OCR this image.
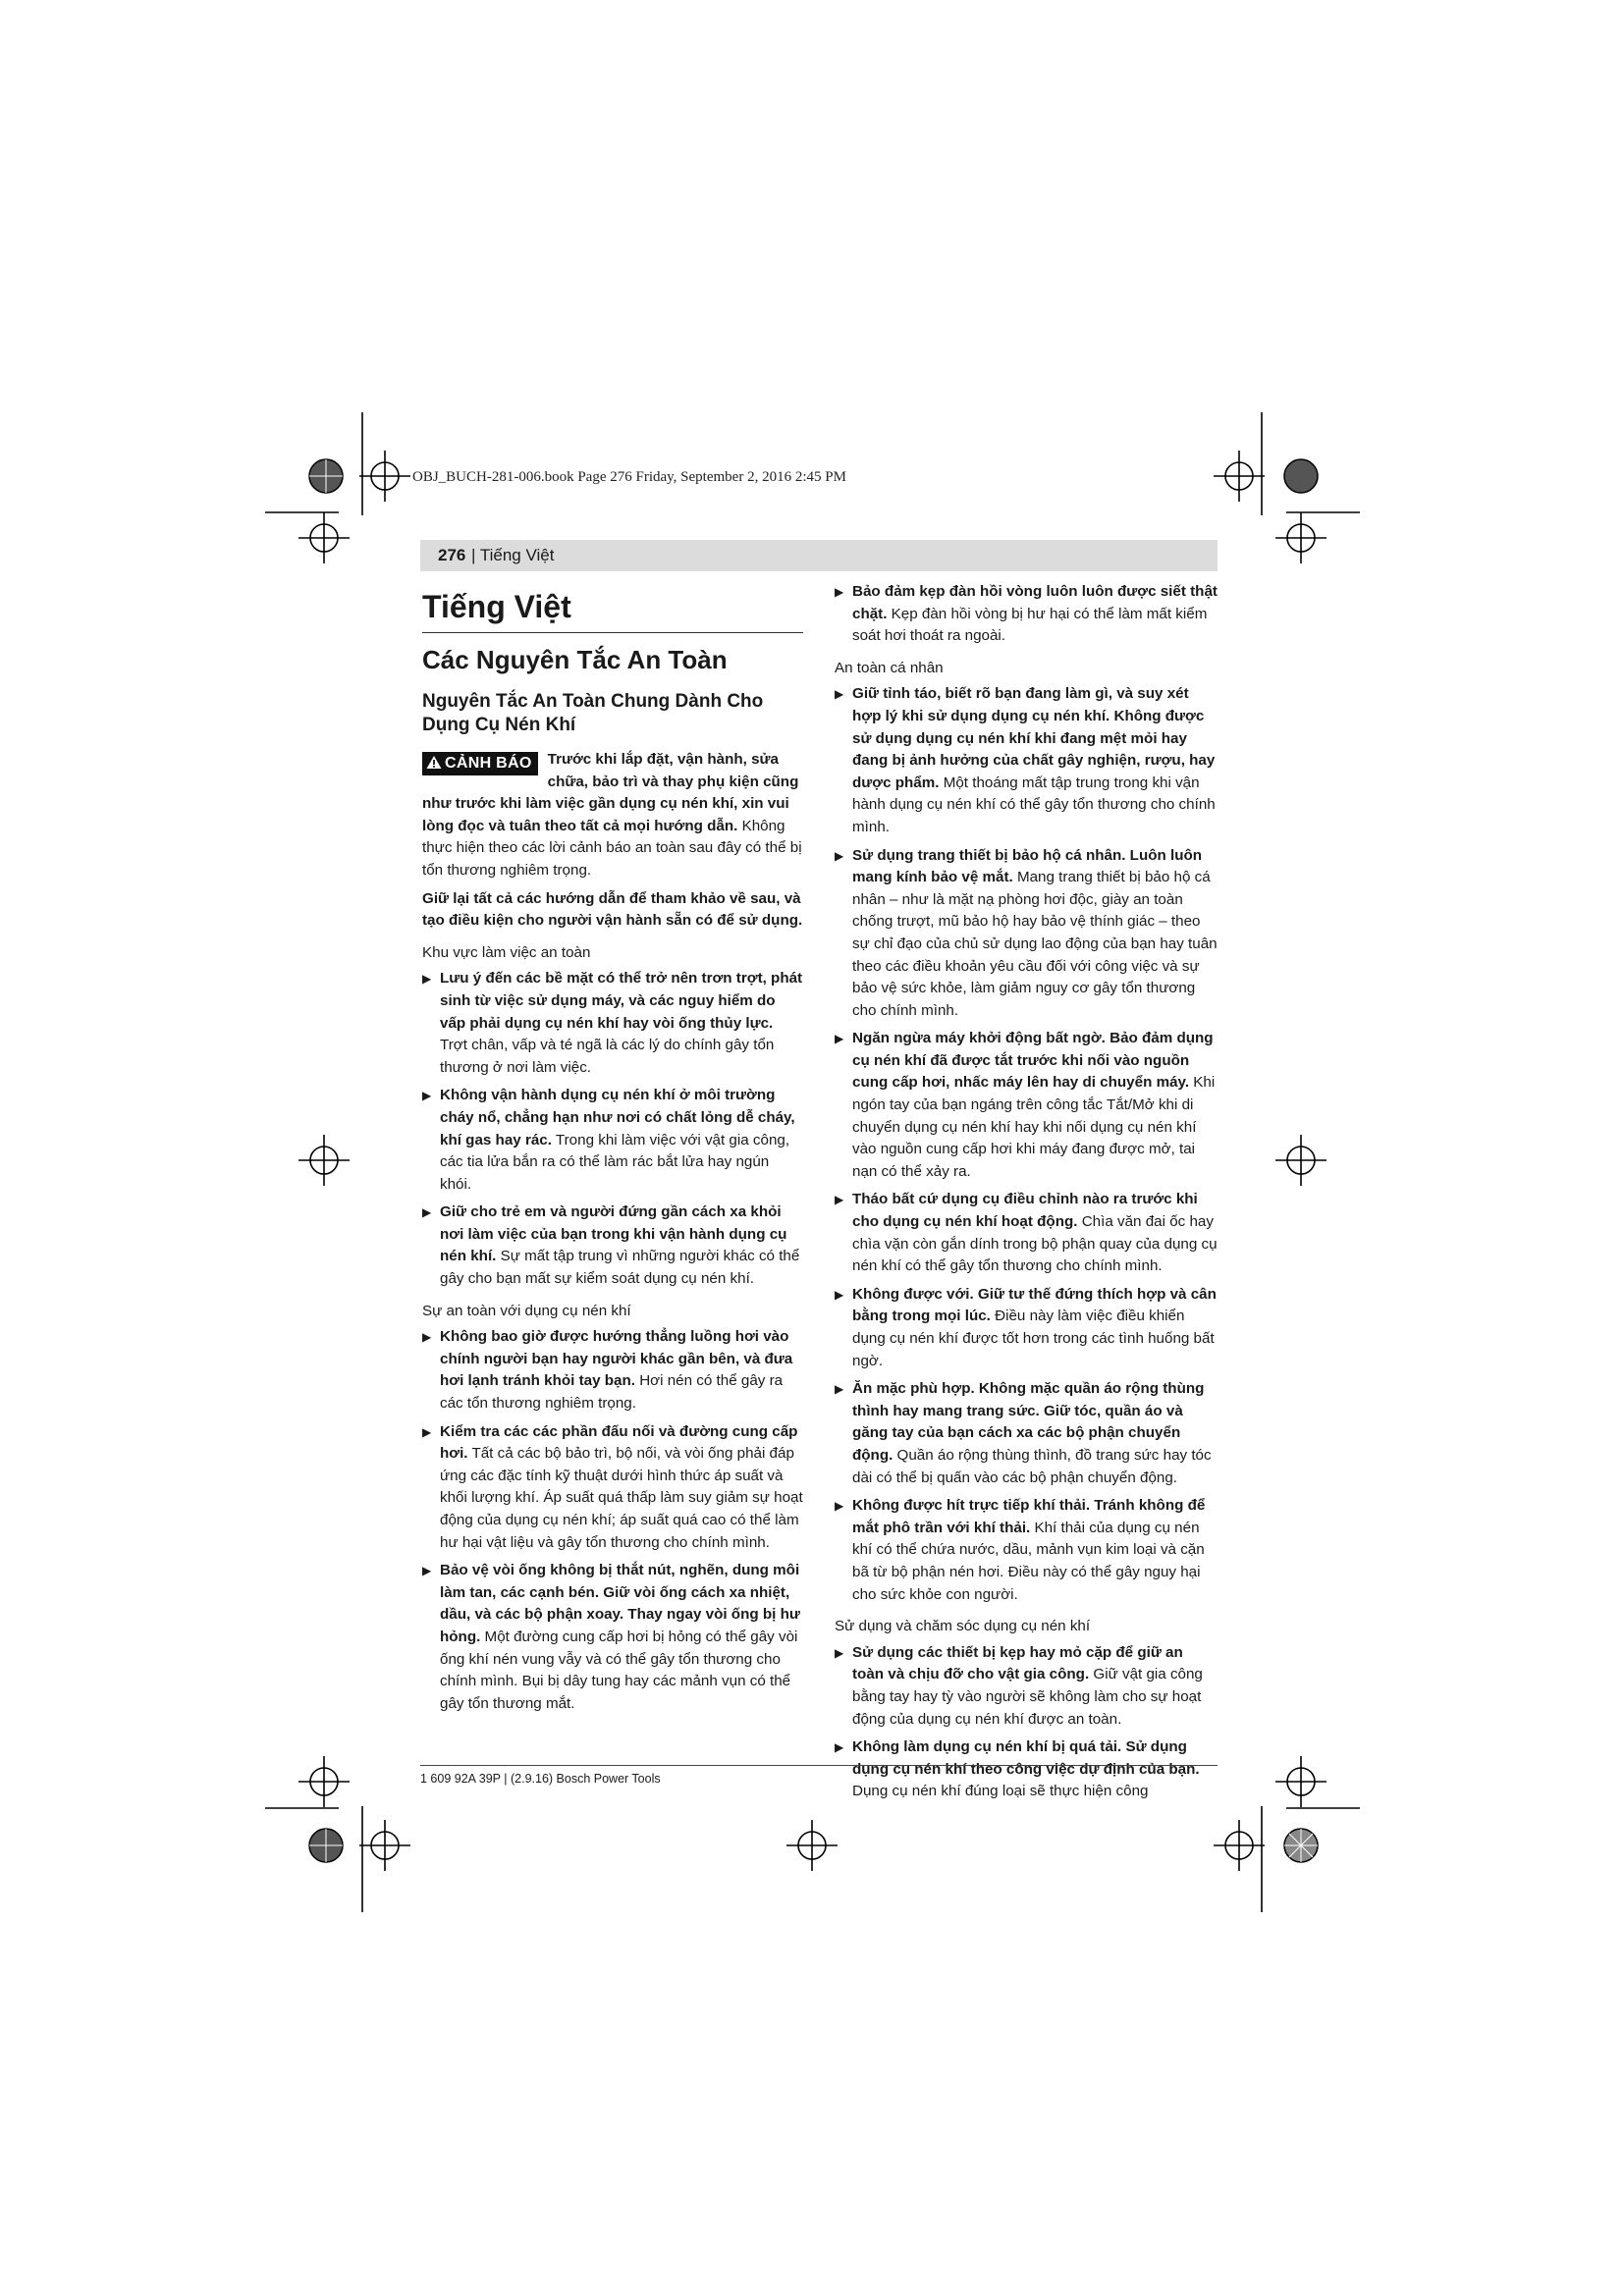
OBJ_BUCH-281-006.book Page 276 Friday, September 2, 2016 2:45 PM
276 | Tiếng Việt
Tiếng Việt
Các Nguyên Tắc An Toàn
Nguyên Tắc An Toàn Chung Dành Cho Dụng Cụ Nén Khí
CẢNH BÁO	Trước khi lắp đặt, vận hành, sửa chữa, bảo trì và thay phụ kiện cũng như trước khi làm việc gần dụng cụ nén khí, xin vui lòng đọc và tuân theo tất cả mọi hướng dẫn. Không thực hiện theo các lời cảnh báo an toàn sau đây có thể bị tổn thương nghiêm trọng.

Giữ lại tất cả các hướng dẫn để tham khảo về sau, và tạo điều kiện cho người vận hành sẵn có để sử dụng.

Khu vực làm việc an toàn
▶ Lưu ý đến các bề mặt có thể trở nên trơn trợt, phát sinh từ việc sử dụng máy, và các nguy hiểm do vấp phải dụng cụ nén khí hay vòi ống thủy lực. Trợt chân, vấp và té ngã là các lý do chính gây tổn thương ở nơi làm việc.
▶ Không vận hành dụng cụ nén khí ở môi trường cháy nổ, chẳng hạn như nơi có chất lỏng dễ cháy, khí gas hay rác. Trong khi làm việc với vật gia công, các tia lửa bắn ra có thể làm rác bắt lửa hay ngún khói.
▶ Giữ cho trẻ em và người đứng gần cách xa khỏi nơi làm việc của bạn trong khi vận hành dụng cụ nén khí. Sự mất tập trung vì những người khác có thể gây cho bạn mất sự kiểm soát dụng cụ nén khí.
Sự an toàn với dụng cụ nén khí
▶ Không bao giờ được hướng thẳng luồng hơi vào chính người bạn hay người khác gần bên, và đưa hơi lạnh tránh khỏi tay bạn. Hơi nén có thể gây ra các tổn thương nghiêm trọng.
▶ Kiểm tra các các phần đấu nối và đường cung cấp hơi. Tất cả các bộ bảo trì, bộ nối, và vòi ống phải đáp ứng các đặc tính kỹ thuật dưới hình thức áp suất và khối lượng khí. Áp suất quá thấp làm suy giảm sự hoạt động của dụng cụ nén khí; áp suất quá cao có thể làm hư hại vật liệu và gây tổn thương cho chính mình.
▶ Bảo vệ vòi ống không bị thắt nút, nghẽn, dung môi làm tan, các cạnh bén. Giữ vòi ống cách xa nhiệt, dầu, và các bộ phận xoay. Thay ngay vòi ống bị hư hỏng. Một đường cung cấp hơi bị hỏng có thể gây vòi ống khí nén vung vẫy và có thể gây tổn thương cho chính mình. Bụi bị dây tung hay các mảnh vụn có thể gây tổn thương mắt.
▶ Bảo đảm kẹp đàn hồi vòng luôn luôn được siết thật chặt. Kẹp đàn hồi vòng bị hư hại có thể làm mất kiểm soát hơi thoát ra ngoài.
An toàn cá nhân
▶ Giữ tỉnh táo, biết rõ bạn đang làm gì, và suy xét hợp lý khi sử dụng dụng cụ nén khí. Không được sử dụng dụng cụ nén khí khi đang mệt mỏi hay đang bị ảnh hưởng của chất gây nghiện, rượu, hay dược phẩm. Một thoáng mất tập trung trong khi vận hành dụng cụ nén khí có thể gây tổn thương cho chính mình.
▶ Sử dụng trang thiết bị bảo hộ cá nhân. Luôn luôn mang kính bảo vệ mắt. Mang trang thiết bị bảo hộ cá nhân – như là mặt nạ phòng hơi độc, giày an toàn chống trượt, mũ bảo hộ hay bảo vệ thính giác – theo sự chỉ đạo của chủ sử dụng lao động của bạn hay tuân theo các điều khoản yêu cầu đối với công việc và sự bảo vệ sức khỏe, làm giảm nguy cơ gây tổn thương cho chính mình.
▶ Ngăn ngừa máy khởi động bất ngờ. Bảo đảm dụng cụ nén khí đã được tắt trước khi nối vào nguồn cung cấp hơi, nhấc máy lên hay di chuyển máy. Khi ngón tay của bạn ngáng trên công tắc Tắt/Mở khi di chuyển dụng cụ nén khí hay khi nối dụng cụ nén khí vào nguồn cung cấp hơi khi máy đang được mở, tai nạn có thể xảy ra.
▶ Tháo bất cứ dụng cụ điều chỉnh nào ra trước khi cho dụng cụ nén khí hoạt động. Chìa văn đai ốc hay chìa vặn còn gắn dính trong bộ phận quay của dụng cụ nén khí có thể gây tổn thương cho chính mình.
▶ Không được với. Giữ tư thế đứng thích hợp và cân bằng trong mọi lúc. Điều này làm việc điều khiển dụng cụ nén khí được tốt hơn trong các tình huống bất ngờ.
▶ Ăn mặc phù hợp. Không mặc quần áo rộng thùng thình hay mang trang sức. Giữ tóc, quần áo và găng tay của bạn cách xa các bộ phận chuyển động. Quần áo rộng thùng thình, đồ trang sức hay tóc dài có thể bị quấn vào các bộ phận chuyển động.
▶ Không được hít trực tiếp khí thải. Tránh không để mắt phô trần với khí thải. Khí thải của dụng cụ nén khí có thể chứa nước, dầu, mảnh vụn kim loại và cặn bã từ bộ phận nén hơi. Điều này có thể gây nguy hại cho sức khỏe con người.
Sử dụng và chăm sóc dụng cụ nén khí
▶ Sử dụng các thiết bị kẹp hay mỏ cặp để giữ an toàn và chịu đỡ cho vật gia công. Giữ vật gia công bằng tay hay tỳ vào người sẽ không làm cho sự hoạt động của dụng cụ nén khí được an toàn.
▶ Không làm dụng cụ nén khí bị quá tải. Sử dụng dụng cụ nén khí theo công việc dự định của bạn. Dụng cụ nén khí đúng loại sẽ thực hiện công
1 609 92A 39P | (2.9.16) Bosch Power Tools
